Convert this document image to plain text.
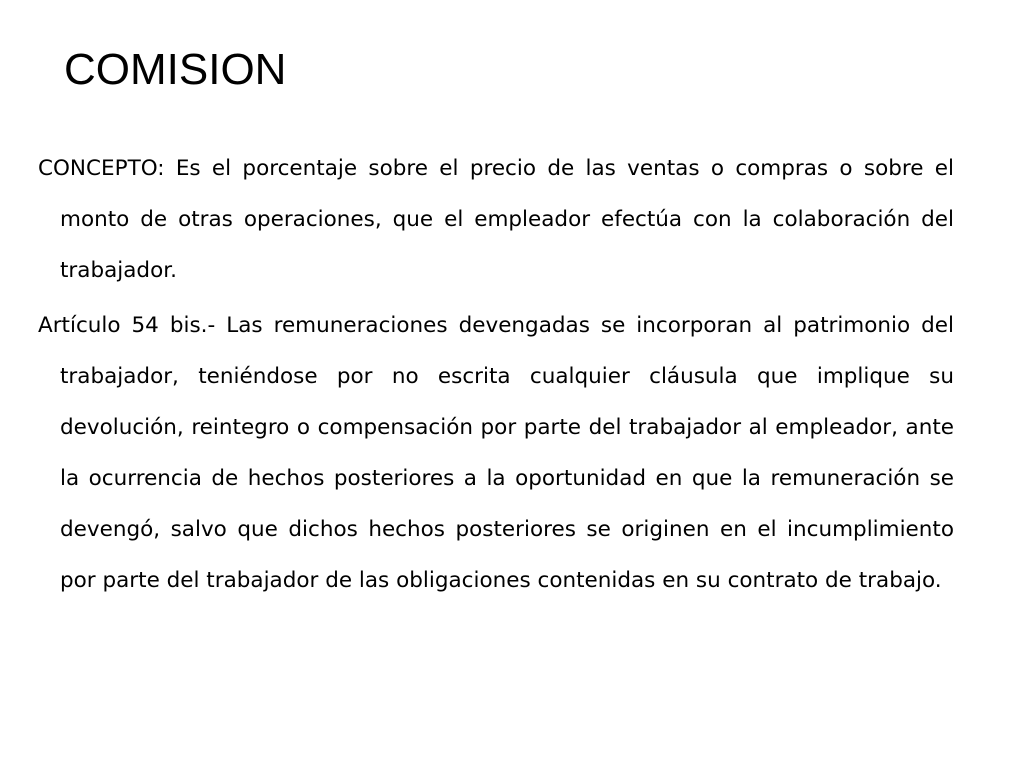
COMISION

CONCEPTO: Es el porcentaje sobre el precio de las ventas o compras o sobre el monto de otras operaciones, que el empleador efectúa con la colaboración del trabajador.

Artículo 54 bis.- Las remuneraciones devengadas se incorporan al patrimonio del trabajador, teniéndose por no escrita cualquier cláusula que implique su devolución, reintegro o compensación por parte del trabajador al empleador, ante la ocurrencia de hechos posteriores a la oportunidad en que la remuneración se devengó, salvo que dichos hechos posteriores se originen en el incumplimiento por parte del trabajador de las obligaciones contenidas en su contrato de trabajo.
